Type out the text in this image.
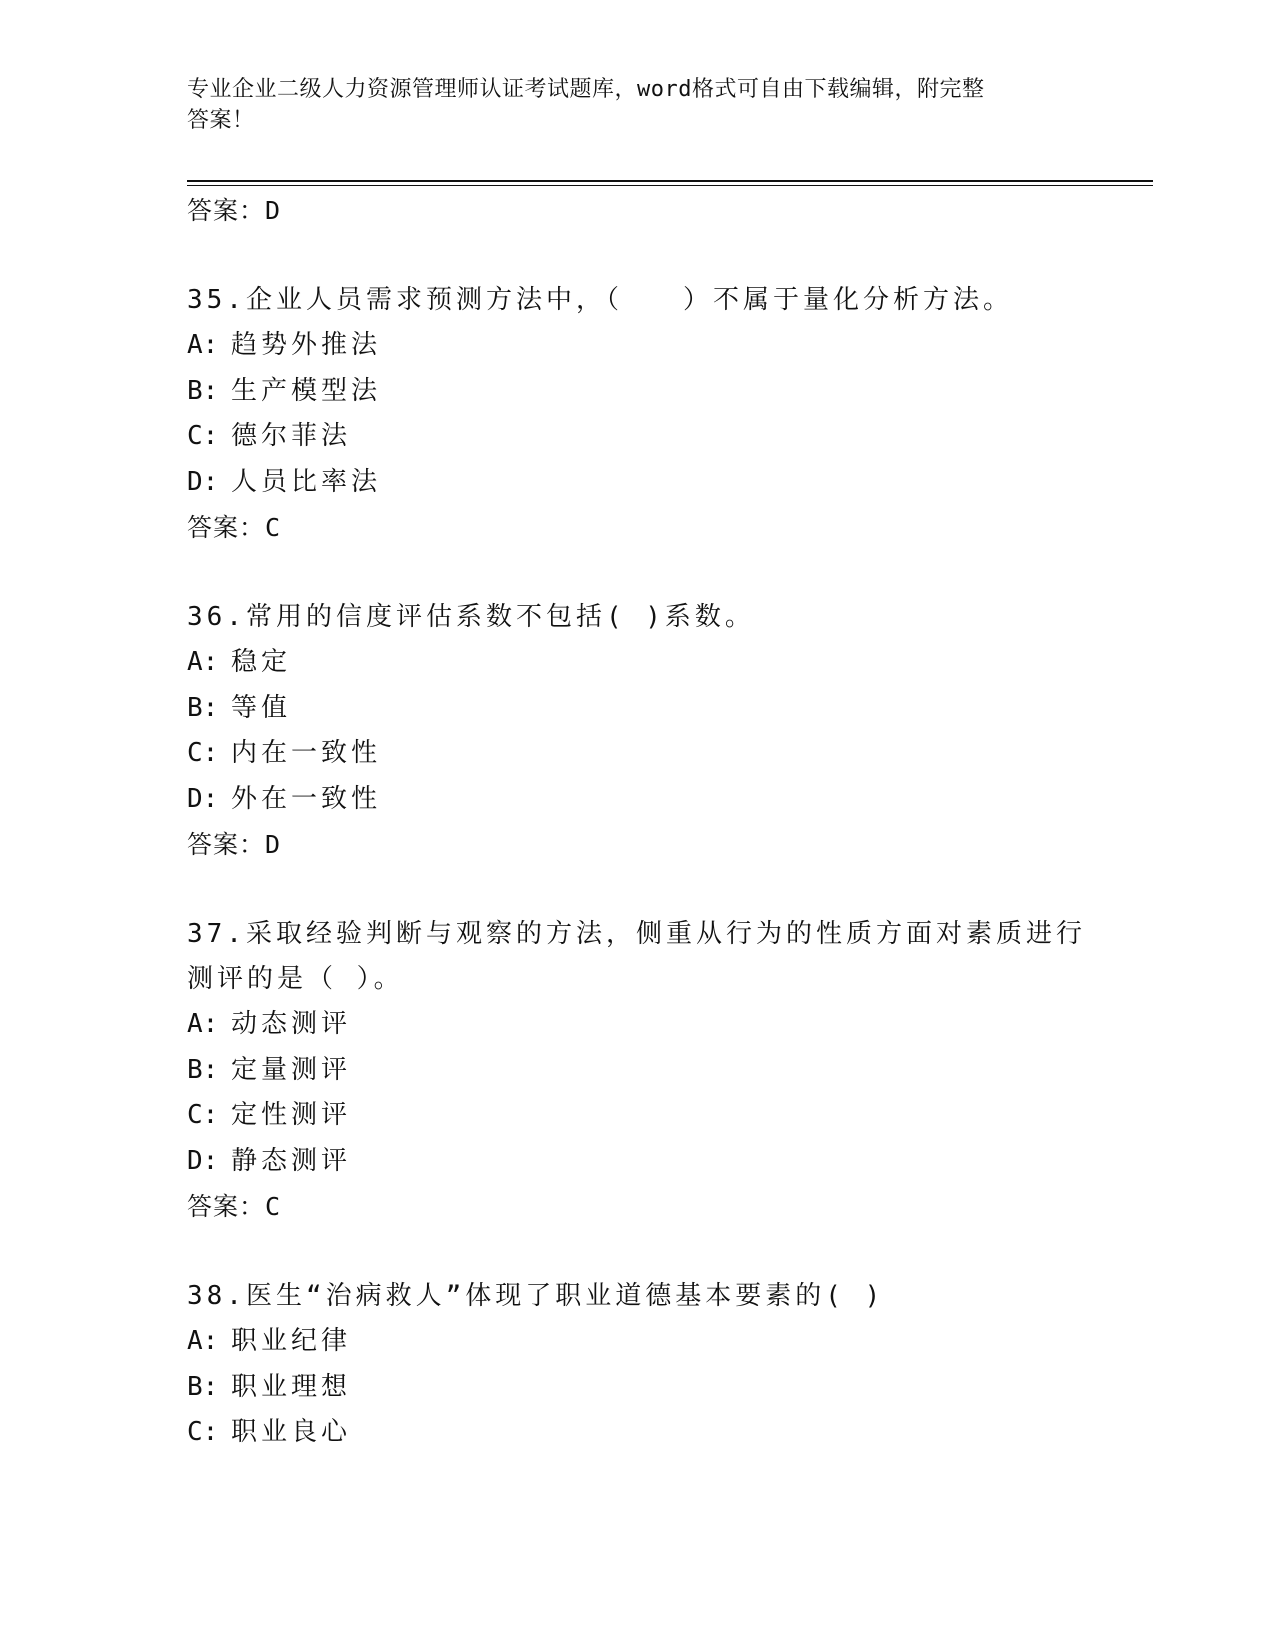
专业企业二级人力资源管理师认证考试题库，word格式可自由下载编辑，附完整
答案！
答案：D
35.企业人员需求预测方法中，（　　）不属于量化分析方法。
A: 趋势外推法
B: 生产模型法
C: 德尔菲法
D: 人员比率法
答案：C
36.常用的信度评估系数不包括( )系数。
A: 稳定
B: 等值
C: 内在一致性
D: 外在一致性
答案：D
37.采取经验判断与观察的方法，侧重从行为的性质方面对素质进行测评的是（ ）。
A: 动态测评
B: 定量测评
C: 定性测评
D: 静态测评
答案：C
38.医生“治病救人”体现了职业道德基本要素的( )
A: 职业纪律
B: 职业理想
C: 职业良心
